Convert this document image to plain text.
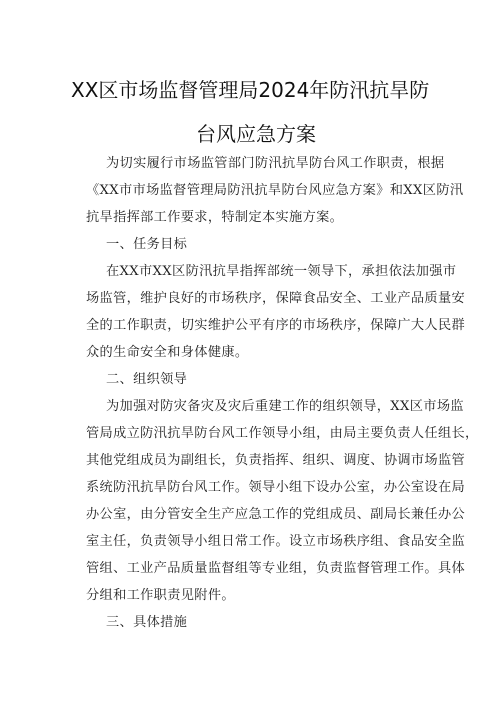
XX区市场监督管理局2024年防汛抗旱防
台风应急方案
为切实履行市场监管部门防汛抗旱防台风工作职责，根据
《XX市市场监督管理局防汛抗旱防台风应急方案》和XX区防汛
抗旱指挥部工作要求，特制定本实施方案。
一、任务目标
在XX市XX区防汛抗旱指挥部统一领导下，承担依法加强市
场监管，维护良好的市场秩序，保障食品安全、工业产品质量安
全的工作职责，切实维护公平有序的市场秩序，保障广大人民群
众的生命安全和身体健康。
二、组织领导
为加强对防灾备灾及灾后重建工作的组织领导，XX区市场监
管局成立防汛抗旱防台风工作领导小组，由局主要负责人任组长，
其他党组成员为副组长，负责指挥、组织、调度、协调市场监管
系统防汛抗旱防台风工作。领导小组下设办公室，办公室设在局
办公室，由分管安全生产应急工作的党组成员、副局长兼任办公
室主任，负责领导小组日常工作。设立市场秩序组、食品安全监
管组、工业产品质量监督组等专业组，负责监督管理工作。具体
分组和工作职责见附件。
三、具体措施
